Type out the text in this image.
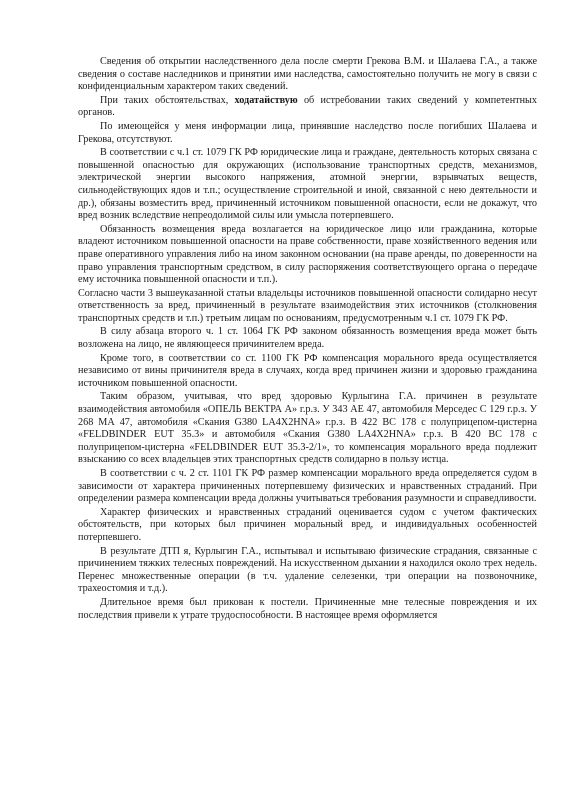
Сведения об открытии наследственного дела после смерти Грекова В.М. и Шалаева Г.А., а также сведения о составе наследников и принятии ими наследства, самостоятельно получить не могу в связи с конфиденциальным характером таких сведений.

При таких обстоятельствах, ходатайствую об истребовании таких сведений у компетентных органов.

По имеющейся у меня информации лица, принявшие наследство после погибших Шалаева и Грекова, отсутствуют.

В соответствии с ч.1 ст. 1079 ГК РФ юридические лица и граждане, деятельность которых связана с повышенной опасностью для окружающих (использование транспортных средств, механизмов, электрической энергии высокого напряжения, атомной энергии, взрывчатых веществ, сильнодействующих ядов и т.п.; осуществление строительной и иной, связанной с нею деятельности и др.), обязаны возместить вред, причиненный источником повышенной опасности, если не докажут, что вред возник вследствие непреодолимой силы или умысла потерпевшего.

Обязанность возмещения вреда возлагается на юридическое лицо или гражданина, которые владеют источником повышенной опасности на праве собственности, праве хозяйственного ведения или праве оперативного управления либо на ином законном основании (на праве аренды, по доверенности на право управления транспортным средством, в силу распоряжения соответствующего органа о передаче ему источника повышенной опасности и т.п.).

Согласно части 3 вышеуказанной статьи владельцы источников повышенной опасности солидарно несут ответственность за вред, причиненный в результате взаимодействия этих источников (столкновения транспортных средств и т.п.) третьим лицам по основаниям, предусмотренным ч.1 ст. 1079 ГК РФ.

В силу абзаца второго ч. 1 ст. 1064 ГК РФ законом обязанность возмещения вреда может быть возложена на лицо, не являющееся причинителем вреда.

Кроме того, в соответствии со ст. 1100 ГК РФ компенсация морального вреда осуществляется независимо от вины причинителя вреда в случаях, когда вред причинен жизни и здоровью гражданина источником повышенной опасности.

Таким образом, учитывая, что вред здоровью Курлыгина Г.А. причинен в результате взаимодействия автомобиля «ОПЕЛЬ ВЕКТРА А» г.р.з. У 343 АЕ 47, автомобиля Мерседес С 129 г.р.з. У 268 МА 47, автомобиля «Скания G380 LA4X2HNA» г.р.з. В 422 ВС 178 с полуприцепом-цистерна «FELDBINDER EUT 35.3» и автомобиля «Скания G380 LA4X2HNA» г.р.з. В 420 ВС 178 с полуприцепом-цистерна «FELDBINDER EUT 35.3-2/1», то компенсация морального вреда подлежит взысканию со всех владельцев этих транспортных средств солидарно в пользу истца.

В соответствии с ч. 2 ст. 1101 ГК РФ размер компенсации морального вреда определяется судом в зависимости от характера причиненных потерпевшему физических и нравственных страданий. При определении размера компенсации вреда должны учитываться требования разумности и справедливости.

Характер физических и нравственных страданий оценивается судом с учетом фактических обстоятельств, при которых был причинен моральный вред, и индивидуальных особенностей потерпевшего.

В результате ДТП я, Курлыгин Г.А., испытывал и испытываю физические страдания, связанные с причинением тяжких телесных повреждений. На искусственном дыхании я находился около трех недель. Перенес множественные операции (в т.ч. удаление селезенки, три операции на позвоночнике, трахеостомия и т.д.).

Длительное время был прикован к постели. Причиненные мне телесные повреждения и их последствия привели к утрате трудоспособности. В настоящее время оформляется
